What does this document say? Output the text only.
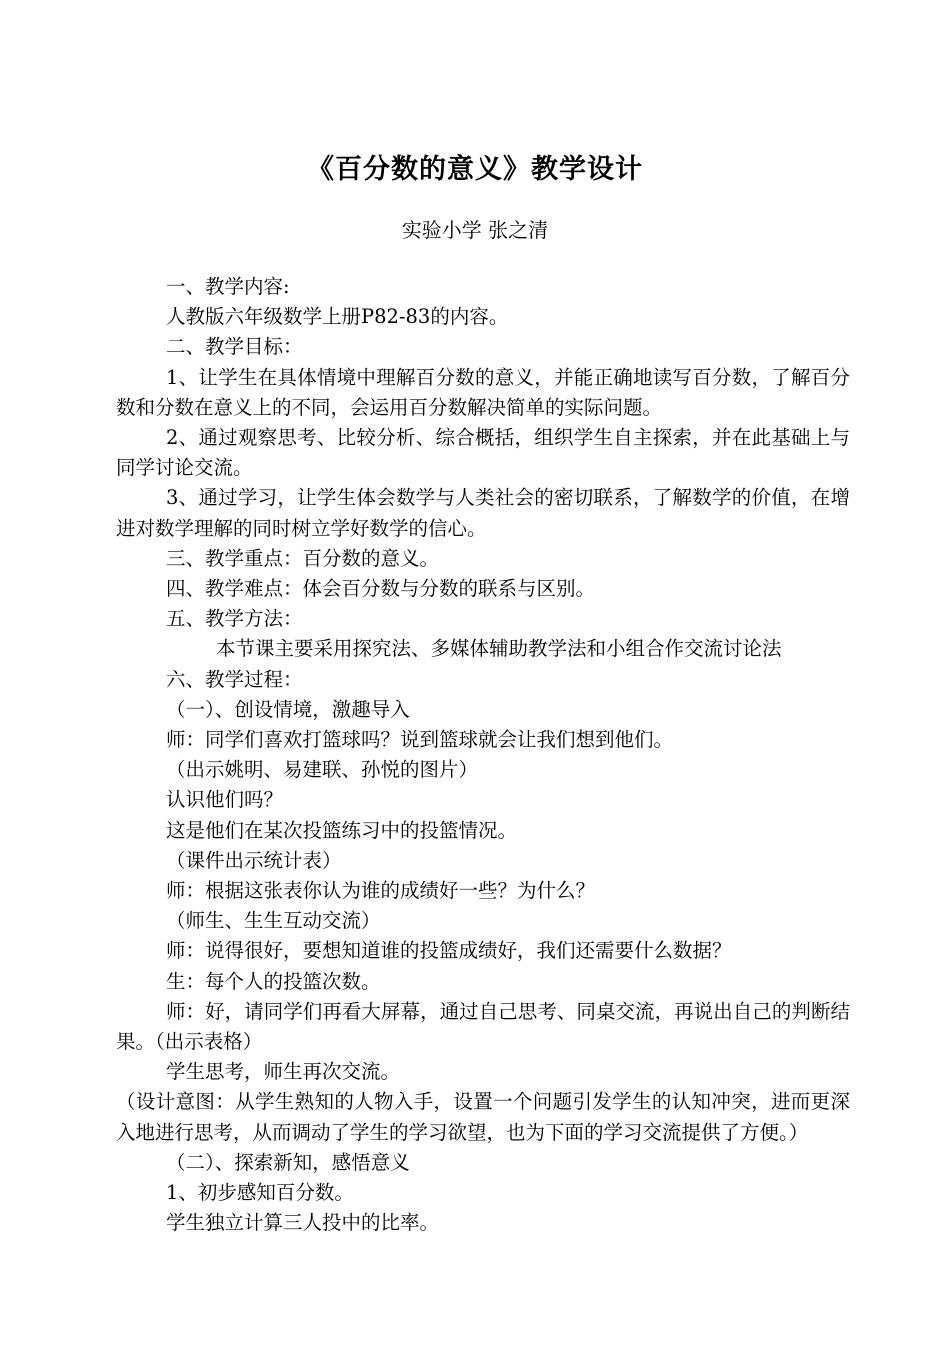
《百分数的意义》教学设计

实验小学 张之清

一、教学内容:

人教版六年级数学上册P82-83的内容。

二、教学目标：

1、让学生在具体情境中理解百分数的意义，并能正确地读写百分数，了解百分数和分数在意义上的不同，会运用百分数解决简单的实际问题。

2、通过观察思考、比较分析、综合概括，组织学生自主探索，并在此基础上与同学讨论交流。

3、通过学习，让学生体会数学与人类社会的密切联系，了解数学的价值，在增进对数学理解的同时树立学好数学的信心。

三、教学重点：百分数的意义。

四、教学难点：体会百分数与分数的联系与区别。

五、教学方法：

本节课主要采用探究法、多媒体辅助教学法和小组合作交流讨论法

六、教学过程：

（一）、创设情境，激趣导入

师：同学们喜欢打篮球吗？说到篮球就会让我们想到他们。

（出示姚明、易建联、孙悦的图片）

认识他们吗？

这是他们在某次投篮练习中的投篮情况。

（课件出示统计表）

师：根据这张表你认为谁的成绩好一些？为什么？

（师生、生生互动交流）

师：说得很好，要想知道谁的投篮成绩好，我们还需要什么数据？

生：每个人的投篮次数。

师：好，请同学们再看大屏幕，通过自己思考、同桌交流，再说出自己的判断结果。（出示表格）

学生思考，师生再次交流。

（设计意图：从学生熟知的人物入手，设置一个问题引发学生的认知冲突，进而更深入地进行思考，从而调动了学生的学习欲望，也为下面的学习交流提供了方便。）

（二）、探索新知，感悟意义

1、初步感知百分数。

学生独立计算三人投中的比率。
